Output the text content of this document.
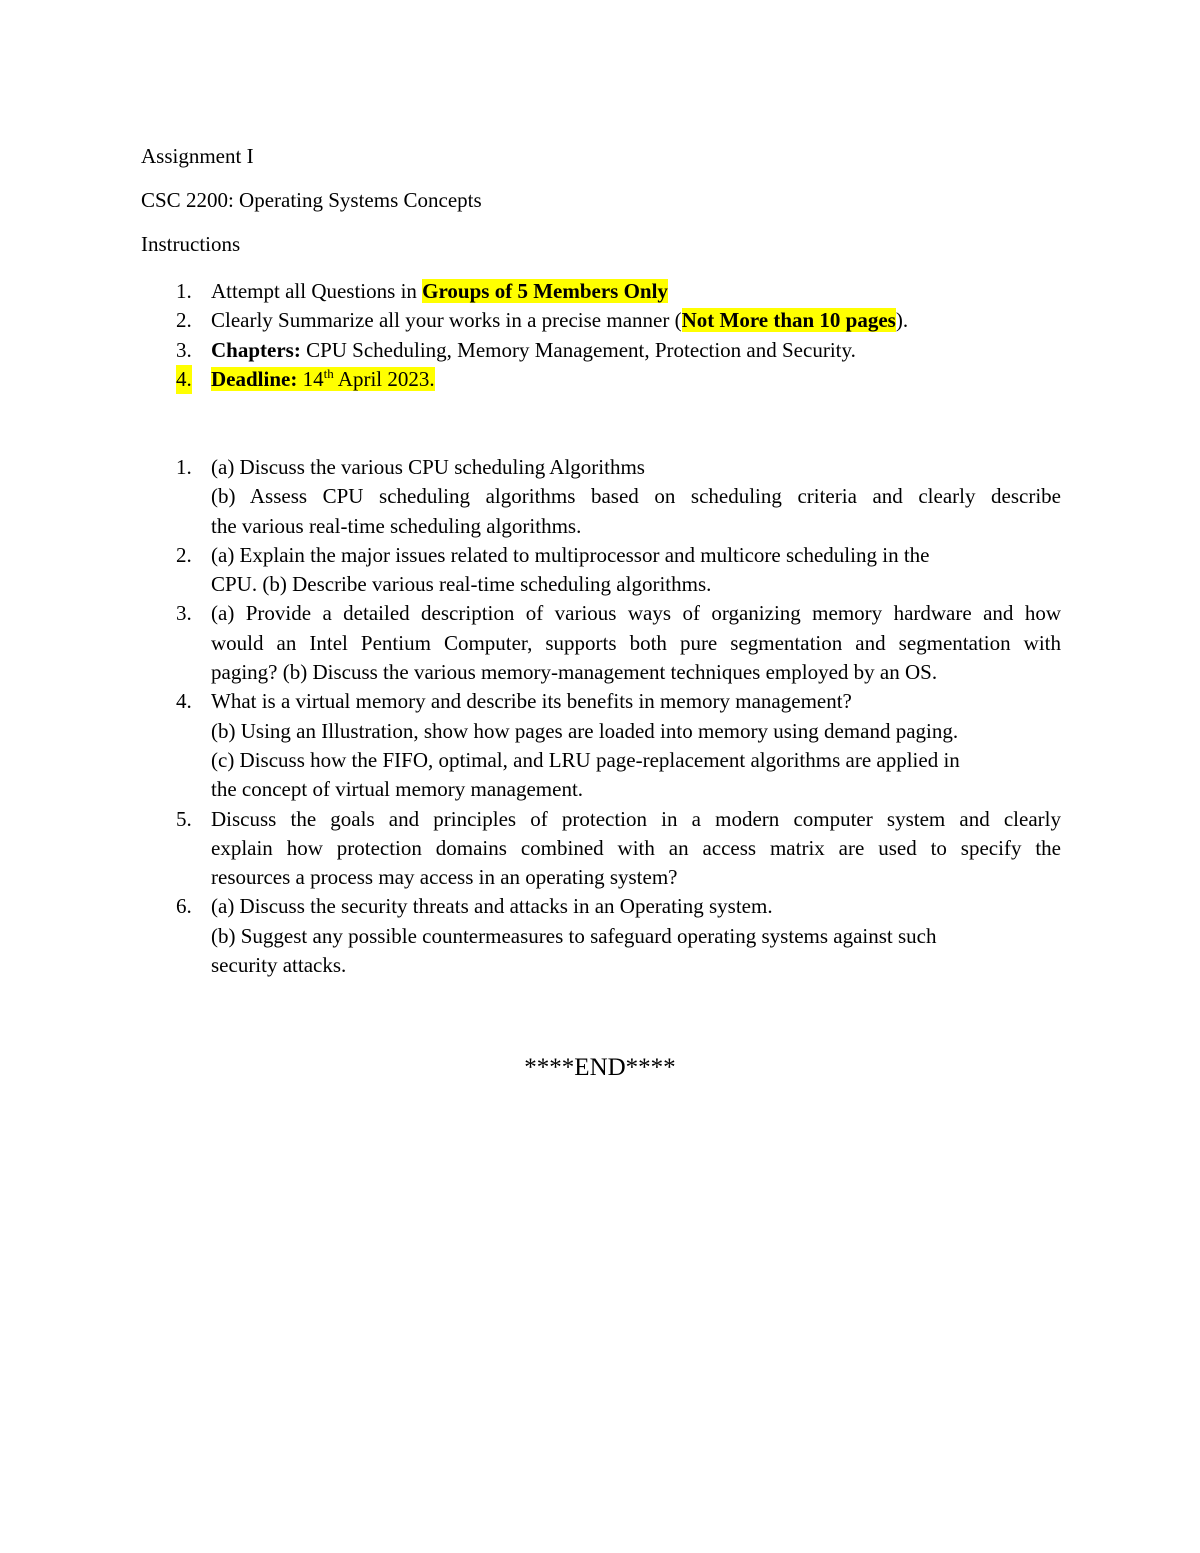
Assignment I

CSC 2200: Operating Systems Concepts

Instructions

1. Attempt all Questions in Groups of 5 Members Only
2. Clearly Summarize all your works in a precise manner (Not More than 10 pages).
3. Chapters: CPU Scheduling, Memory Management, Protection and Security.
4. Deadline: 14th April 2023.
1. (a) Discuss the various CPU scheduling Algorithms
(b) Assess CPU scheduling algorithms based on scheduling criteria and clearly describe
the various real-time scheduling algorithms.
2. (a) Explain the major issues related to multiprocessor and multicore scheduling in the
CPU. (b) Describe various real-time scheduling algorithms.
3. (a) Provide a detailed description of various ways of organizing memory hardware and how
would an Intel Pentium Computer, supports both pure segmentation and segmentation with
paging? (b) Discuss the various memory-management techniques employed by an OS.
4. What is a virtual memory and describe its benefits in memory management?
(b) Using an Illustration, show how pages are loaded into memory using demand paging.
(c) Discuss how the FIFO, optimal, and LRU page-replacement algorithms are applied in
the concept of virtual memory management.
5. Discuss the goals and principles of protection in a modern computer system and clearly
explain how protection domains combined with an access matrix are used to specify the
resources a process may access in an operating system?
6. (a) Discuss the security threats and attacks in an Operating system.
(b) Suggest any possible countermeasures to safeguard operating systems against such
security attacks.

****END****
